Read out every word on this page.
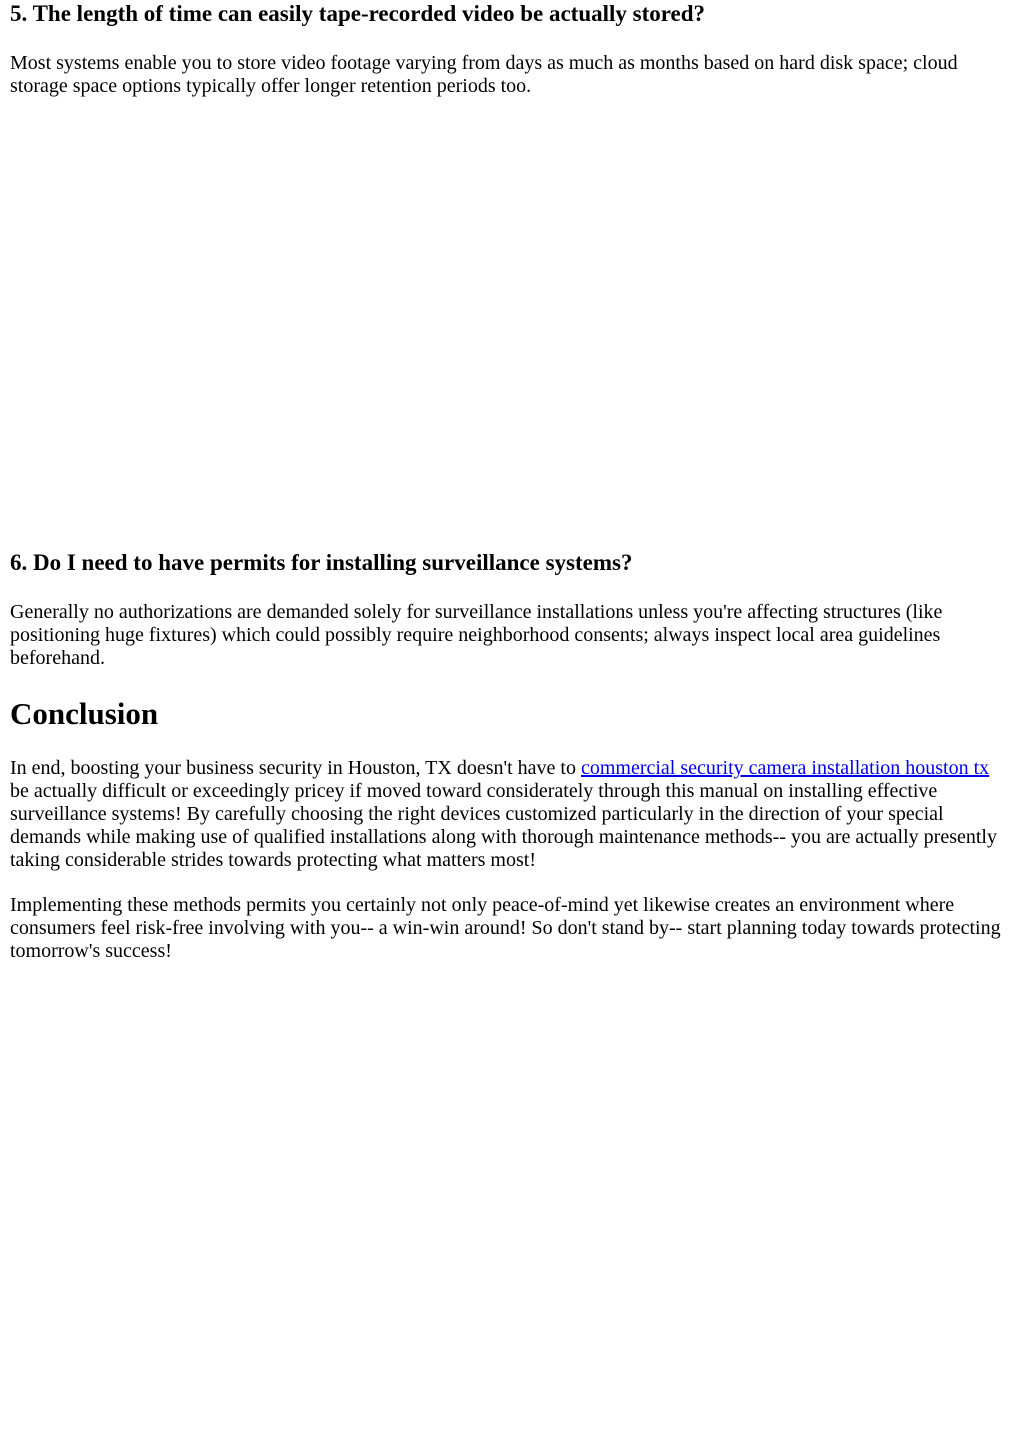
5. The length of time can easily tape-recorded video be actually stored?

Most systems enable you to store video footage varying from days as much as months based on hard disk space; cloud storage space options typically offer longer retention periods too.

6. Do I need to have permits for installing surveillance systems?

Generally no authorizations are demanded solely for surveillance installations unless you're affecting structures (like positioning huge fixtures) which could possibly require neighborhood consents; always inspect local area guidelines beforehand.

Conclusion

In end, boosting your business security in Houston, TX doesn't have to commercial security camera installation houston tx be actually difficult or exceedingly pricey if moved toward considerately through this manual on installing effective surveillance systems! By carefully choosing the right devices customized particularly in the direction of your special demands while making use of qualified installations along with thorough maintenance methods-- you are actually presently taking considerable strides towards protecting what matters most!

Implementing these methods permits you certainly not only peace-of-mind yet likewise creates an environment where consumers feel risk-free involving with you-- a win-win around! So don't stand by-- start planning today towards protecting tomorrow's success!
